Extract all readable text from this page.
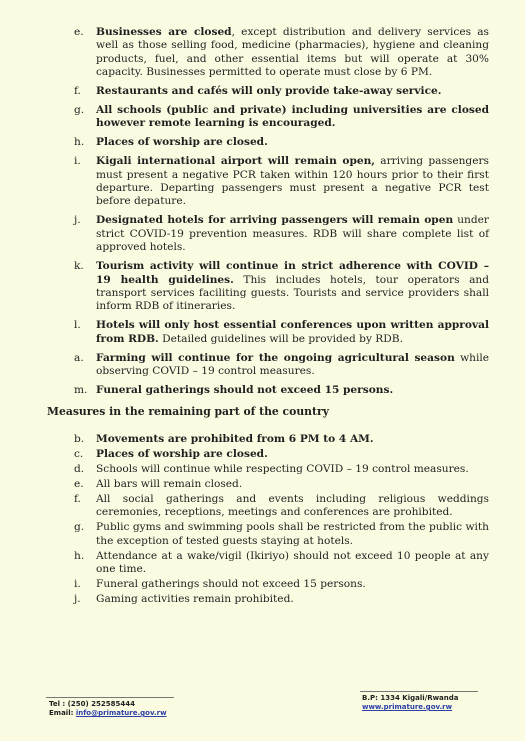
e.	Businesses are closed, except distribution and delivery services as well as those selling food, medicine (pharmacies), hygiene and cleaning products, fuel, and other essential items but will operate at 30% capacity. Businesses permitted to operate must close by 6 PM.
f.	Restaurants and cafés will only provide take-away service.
g.	All schools (public and private) including universities are closed however remote learning is encouraged.
h.	Places of worship are closed.
i.	Kigali international airport will remain open, arriving passengers must present a negative PCR taken within 120 hours prior to their first departure. Departing passengers must present a negative PCR test before depature.
j.	Designated hotels for arriving passengers will remain open under strict COVID-19 prevention measures. RDB will share complete list of approved hotels.
k.	Tourism activity will continue in strict adherence with COVID – 19 health guidelines. This includes hotels, tour operators and transport services faciliting guests. Tourists and service providers shall inform RDB of itineraries.
l.	Hotels will only host essential conferences upon written approval from RDB. Detailed guidelines will be provided by RDB.
a.	Farming will continue for the ongoing agricultural season while observing COVID – 19 control measures.
m. Funeral gatherings should not exceed 15 persons.
Measures in the remaining part of the country
b.	Movements are prohibited from 6 PM to 4 AM.
c.	Places of worship are closed.
d.	Schools will continue while respecting COVID – 19 control measures.
e.	All bars will remain closed.
f.	All social gatherings and events including religious weddings ceremonies, receptions, meetings and conferences are prohibited.
g.	Public gyms and swimming pools shall be restricted from the public with the exception of tested guests staying at hotels.
h.	Attendance at a wake/vigil (Ikiriyo) should not exceed 10 people at any one time.
i.	Funeral gatherings should not exceed 15 persons.
j.	Gaming activities remain prohibited.
Tel : (250) 252585444
Email: info@primature.gov.rw
B.P: 1334 Kigali/Rwanda
www.primature.gov.rw
